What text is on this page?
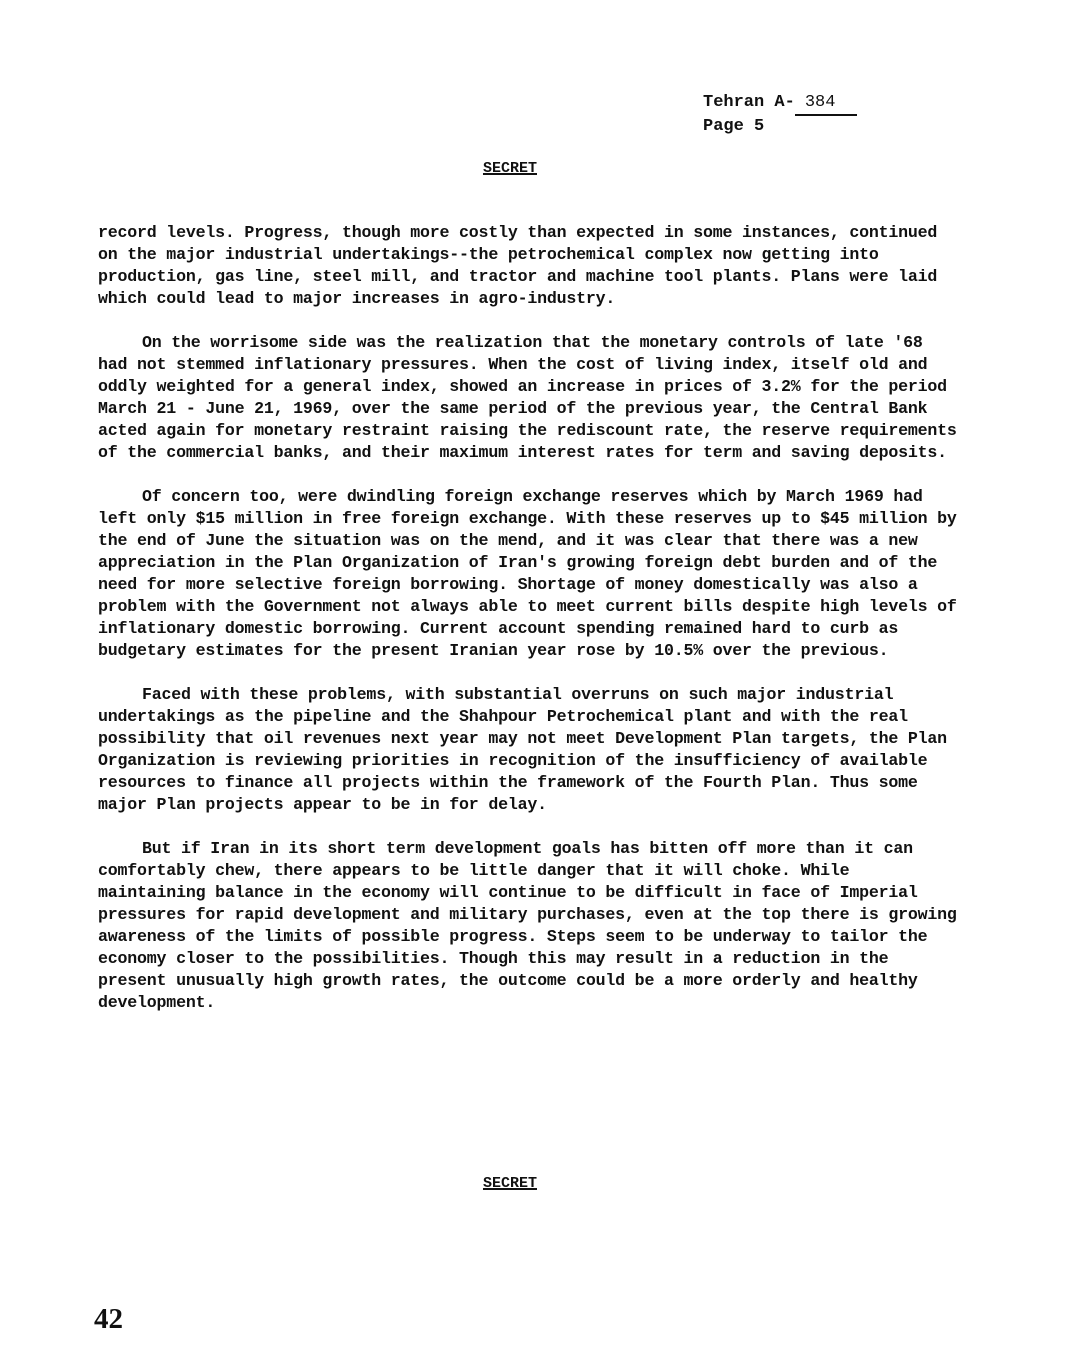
Tehran A- 384
Page 5
SECRET

record levels. Progress, though more costly than expected in some instances, continued on the major industrial undertakings--the petrochemical complex now getting into production, gas line, steel mill, and tractor and machine tool plants. Plans were laid which could lead to major increases in agro-industry.

On the worrisome side was the realization that the monetary controls of late '68 had not stemmed inflationary pressures. When the cost of living index, itself old and oddly weighted for a general index, showed an increase in prices of 3.2% for the period March 21 - June 21, 1969, over the same period of the previous year, the Central Bank acted again for monetary restraint raising the rediscount rate, the reserve requirements of the commercial banks, and their maximum interest rates for term and saving deposits.

Of concern too, were dwindling foreign exchange reserves which by March 1969 had left only $15 million in free foreign exchange. With these reserves up to $45 million by the end of June the situation was on the mend, and it was clear that there was a new appreciation in the Plan Organization of Iran's growing foreign debt burden and of the need for more selective foreign borrowing. Shortage of money domestically was also a problem with the Government not always able to meet current bills despite high levels of inflationary domestic borrowing. Current account spending remained hard to curb as budgetary estimates for the present Iranian year rose by 10.5% over the previous.

Faced with these problems, with substantial overruns on such major industrial undertakings as the pipeline and the Shahpour Petrochemical plant and with the real possibility that oil revenues next year may not meet Development Plan targets, the Plan Organization is reviewing priorities in recognition of the insufficiency of available resources to finance all projects within the framework of the Fourth Plan. Thus some major Plan projects appear to be in for delay.

But if Iran in its short term development goals has bitten off more than it can comfortably chew, there appears to be little danger that it will choke. While maintaining balance in the economy will continue to be difficult in face of Imperial pressures for rapid development and military purchases, even at the top there is growing awareness of the limits of possible progress. Steps seem to be underway to tailor the economy closer to the possibilities. Though this may result in a reduction in the present unusually high growth rates, the outcome could be a more orderly and healthy development.

SECRET
42
